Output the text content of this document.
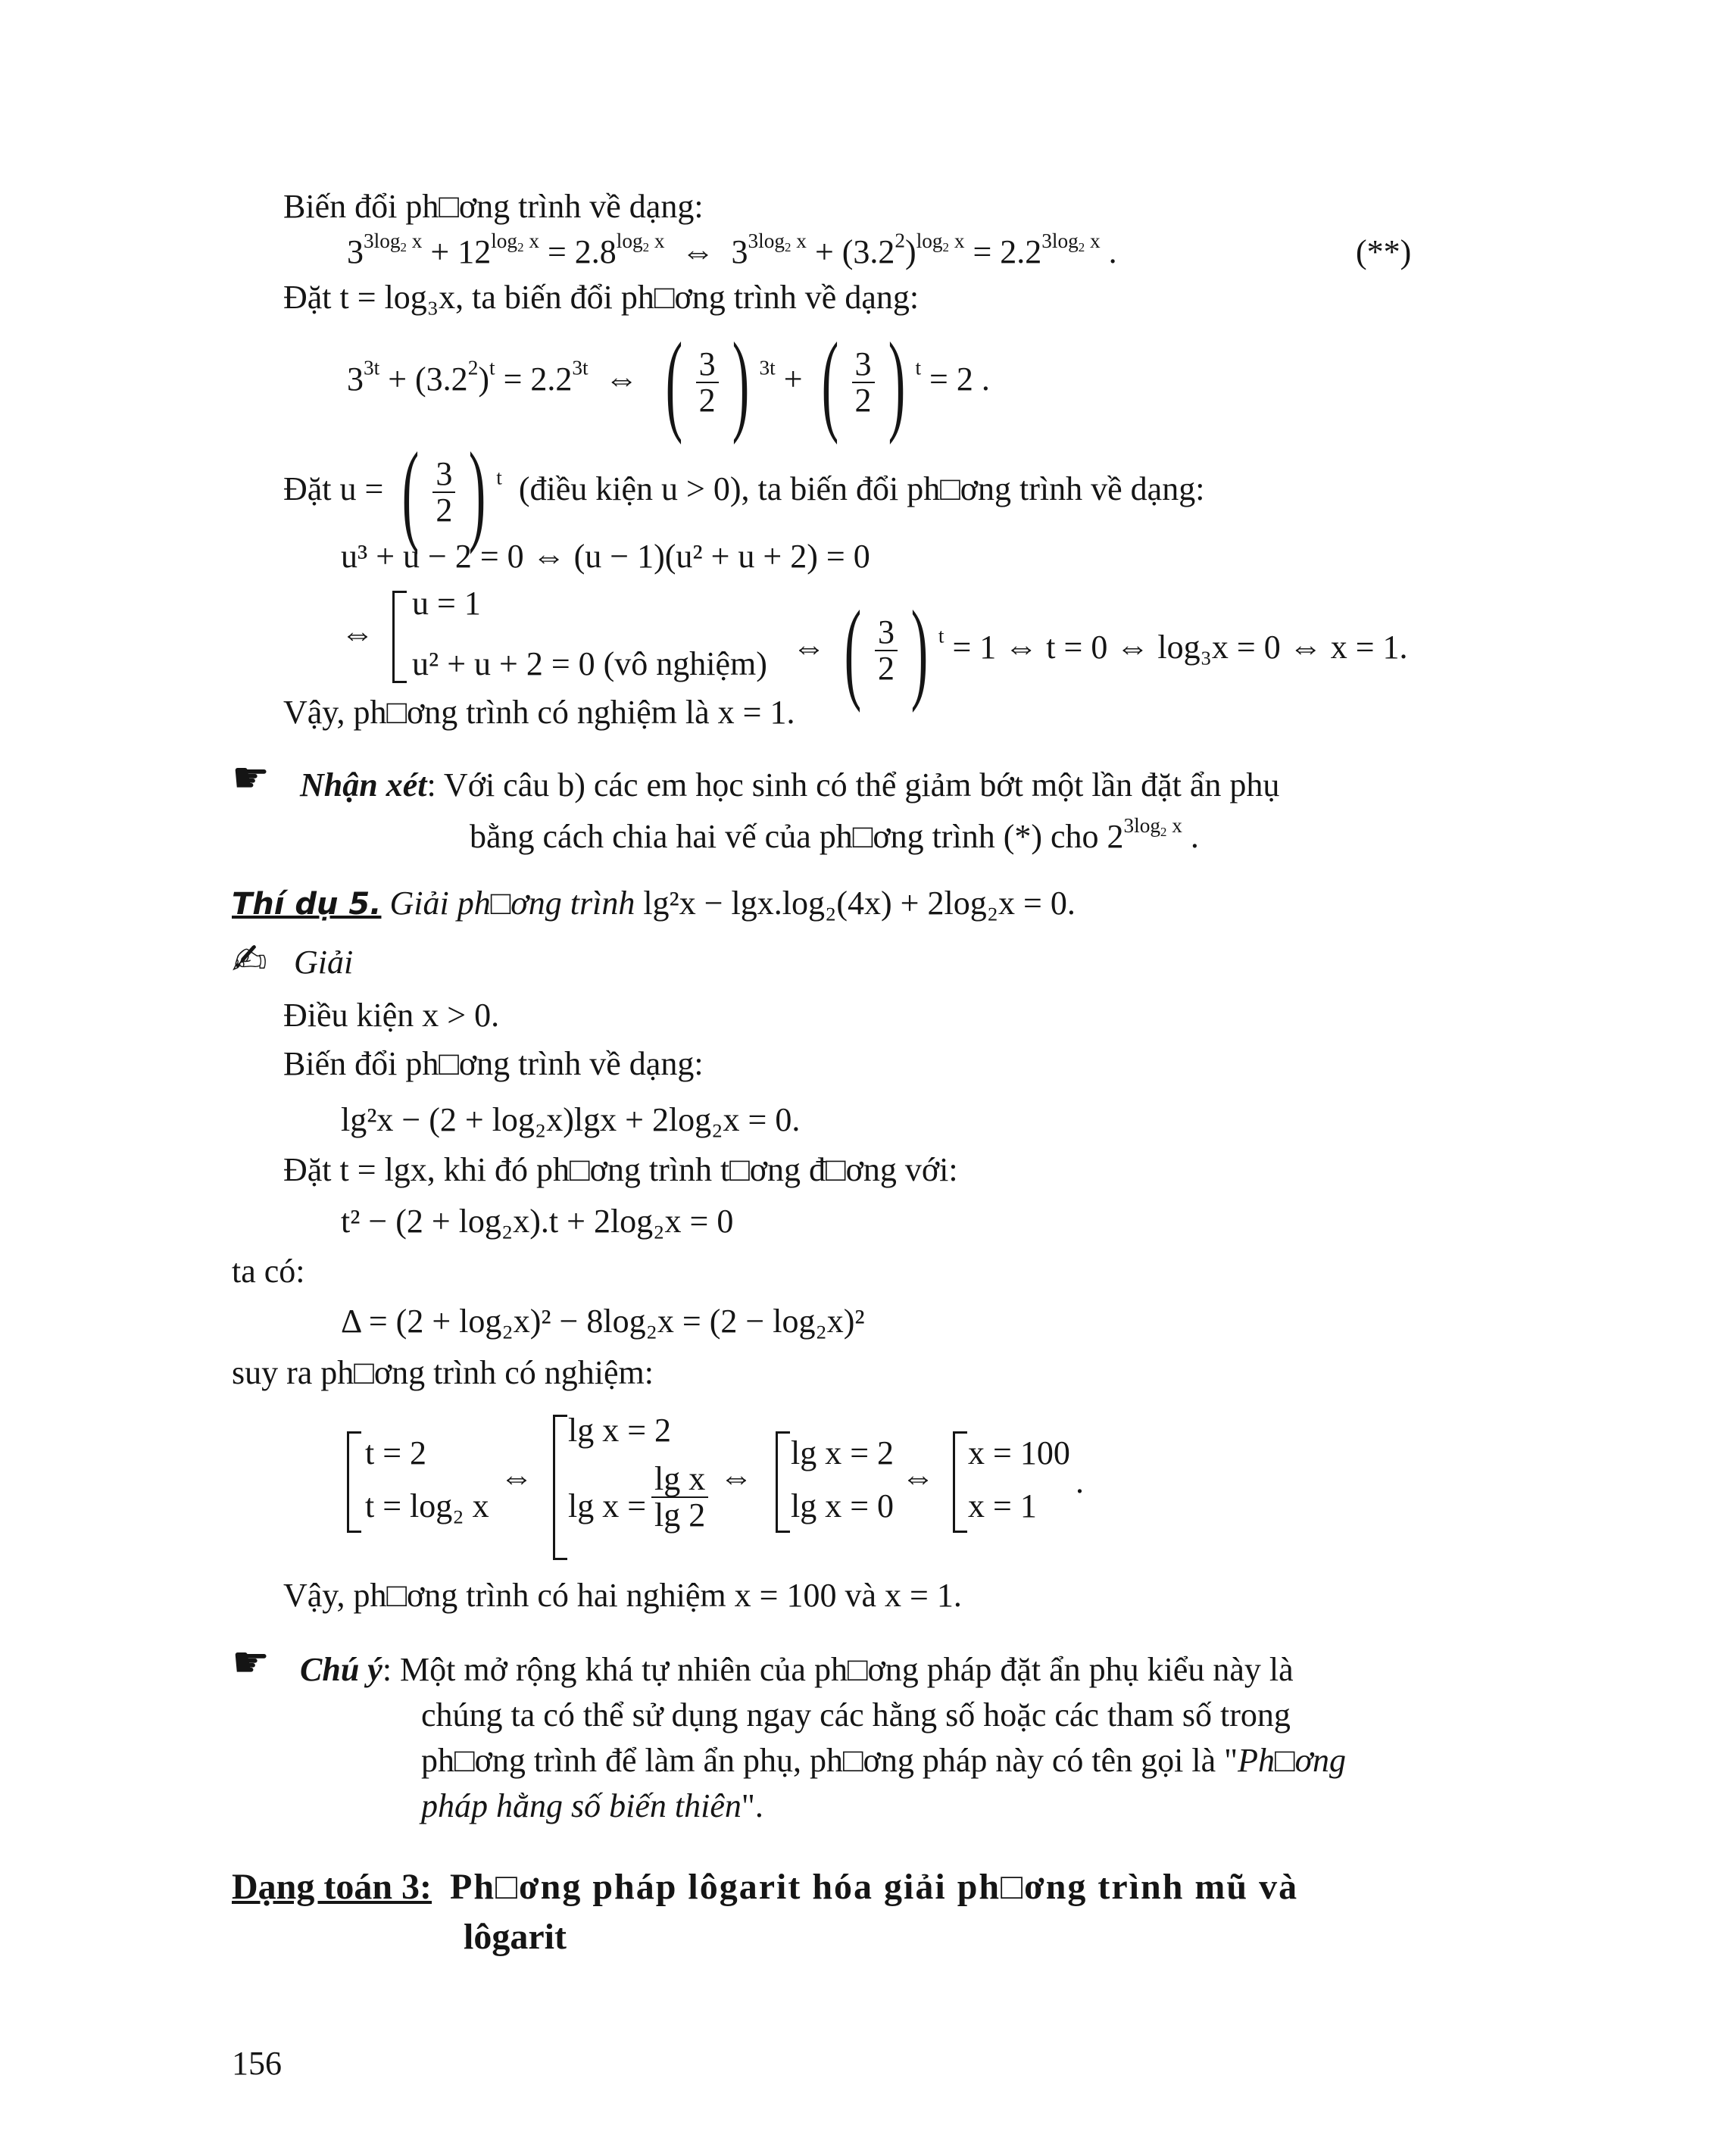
Biến đổi ph□ơng trình về dạng:
$3^{3log_2 x} + 12^{log_2 x} = 2.8^{log_2 x}$  ⇔  $3^{3log_2 x} + (3.2^2)^{log_2 x} = 2.2^{3log_2 x}$ .	(**)
Đặt t = log₃x, ta biến đổi ph□ơng trình về dạng:
$3^{3t} + (3.2^2)^t = 2.2^{3t}$  ⇔ ( $\frac{3}{2}$ ) $^{3t}$ + ( $\frac{3}{2}$ ) $^t$ = 2 .
Đặt u = ( $\frac{3}{2}$ ) $^t$ (điều kiện u > 0), ta biến đổi ph□ơng trình về dạng:
u³ + u − 2 = 0 ⇔ (u − 1)(u² + u + 2) = 0
⇔
u = 1
u² + u + 2 = 0 (vô nghiệm) ⇔ ( $\frac{3}{2}$ ) $^t$ = 1 ⇔ t = 0 ⇔ log₃x = 0 ⇔ x = 1.
Vậy, ph□ơng trình có nghiệm là x = 1.
☛ Nhận xét: Với câu b) các em học sinh có thể giảm bớt một lần đặt ẩn phụ
bằng cách chia hai vế của ph□ơng trình (*) cho $2^{3log_2 x}$ .
Thí dụ 5. Giải ph□ơng trình lg²x − lgx.log₂(4x) + 2log₂x = 0.
✍ Giải
Điều kiện x > 0.
Biến đổi ph□ơng trình về dạng:
lg²x − (2 + log₂x)lgx + 2log₂x = 0.
Đặt t = lgx, khi đó ph□ơng trình t□ơng đ□ơng với:
t² − (2 + log₂x).t + 2log₂x = 0
ta có:
Δ = (2 + log₂x)² − 8log₂x = (2 − log₂x)²
suy ra ph□ơng trình có nghiệm:
t = 2
t = log₂ x
⇔
lg x = 2
$\lg x = \frac{\text{lg x}}{\lg 2}$ ⇔
lg x = 2
lg x = 0
⇔
x = 100
x = 1
.
Vậy, ph□ơng trình có hai nghiệm x = 100 và x = 1.
☛ Chú ý: Một mở rộng khá tự nhiên của ph□ơng pháp đặt ẩn phụ kiểu này là
chúng ta có thể sử dụng ngay các hằng số hoặc các tham số trong
ph□ơng trình để làm ẩn phụ, ph□ơng pháp này có tên gọi là "Ph□ơng
pháp hằng số biến thiên".
Dạng toán 3: Ph□ơng pháp lôgarit hóa giải ph□ơng trình mũ và
lôgarit
156
